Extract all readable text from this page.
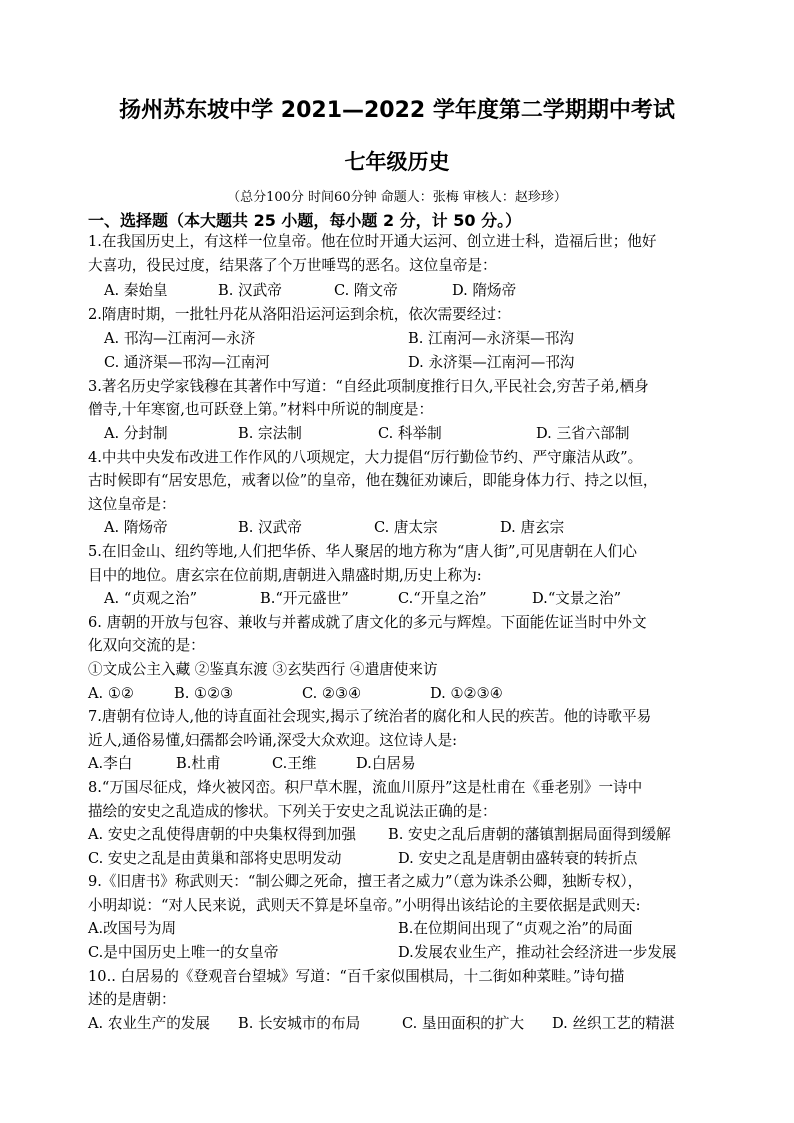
扬州苏东坡中学 2021—2022 学年度第二学期期中考试
七年级历史
（总分100分 时间60分钟 命题人：张梅 审核人：赵珍珍）
一、选择题（本大题共 25 小题，每小题 2 分，计 50 分。）
1.在我国历史上，有这样一位皇帝。他在位时开通大运河、创立进士科，造福后世；他好
大喜功，役民过度，结果落了个万世唾骂的恶名。这位皇帝是：
A. 秦始皇	B. 汉武帝	C. 隋文帝	D. 隋炀帝
2.隋唐时期，一批牡丹花从洛阳沿运河运到余杭，依次需要经过：
A. 邗沟—江南河—永济	B. 江南河—永济渠—邗沟
C. 通济渠—邗沟—江南河	D. 永济渠—江南河—邗沟
3.著名历史学家钱穆在其著作中写道：“自经此项制度推行日久,平民社会,穷苦子弟,栖身
僧寺,十年寒窗,也可跃登上第。”材料中所说的制度是：
A. 分封制	B. 宗法制	C. 科举制	D. 三省六部制
4.中共中央发布改进工作作风的八项规定，大力提倡“厉行勤俭节约、严守廉洁从政”。
古时候即有“居安思危，戒奢以俭”的皇帝，他在魏征劝谏后，即能身体力行、持之以恒，
这位皇帝是：
A. 隋炀帝	B. 汉武帝	C. 唐太宗	D. 唐玄宗
5.在旧金山、纽约等地,人们把华侨、华人聚居的地方称为“唐人街”,可见唐朝在人们心
目中的地位。唐玄宗在位前期,唐朝进入鼎盛时期,历史上称为:
A. “贞观之治”	B.“开元盛世”	C.“开皇之治”	D.“文景之治”
6. 唐朝的开放与包容、兼收与并蓄成就了唐文化的多元与辉煌。下面能佐证当时中外文
化双向交流的是：
①文成公主入藏 ②鉴真东渡 ③玄奘西行 ④遣唐使来访
A. ①②	B. ①②③	C. ②③④	D. ①②③④
7.唐朝有位诗人,他的诗直面社会现实,揭示了统治者的腐化和人民的疾苦。他的诗歌平易
近人,通俗易懂,妇孺都会吟诵,深受大众欢迎。这位诗人是:
A.李白	B.杜甫	C.王维	D.白居易
8.“万国尽征戍，烽火被冈峦。积尸草木腥，流血川原丹”这是杜甫在《垂老别》一诗中
描绘的安史之乱造成的惨状。下列关于安史之乱说法正确的是：
A. 安史之乱使得唐朝的中央集权得到加强 B. 安史之乱后唐朝的藩镇割据局面得到缓解
C. 安史之乱是由黄巢和部将史思明发动	D. 安史之乱是唐朝由盛转衰的转折点
9.《旧唐书》称武则天：“制公卿之死命，擅王者之威力”（意为诛杀公卿，独断专权），
小明却说：“对人民来说，武则天不算是坏皇帝。”小明得出该结论的主要依据是武则天:
A.改国号为周	B.在位期间出现了“贞观之治”的局面
C.是中国历史上唯一的女皇帝	D.发展农业生产，推动社会经济进一步发展
10.. 白居易的《登观音台望城》写道：“百千家似围棋局，十二街如种菜畦。”诗句描
述的是唐朝：
A. 农业生产的发展 B. 长安城市的布局	C. 垦田面积的扩大 D. 丝织工艺的精湛
